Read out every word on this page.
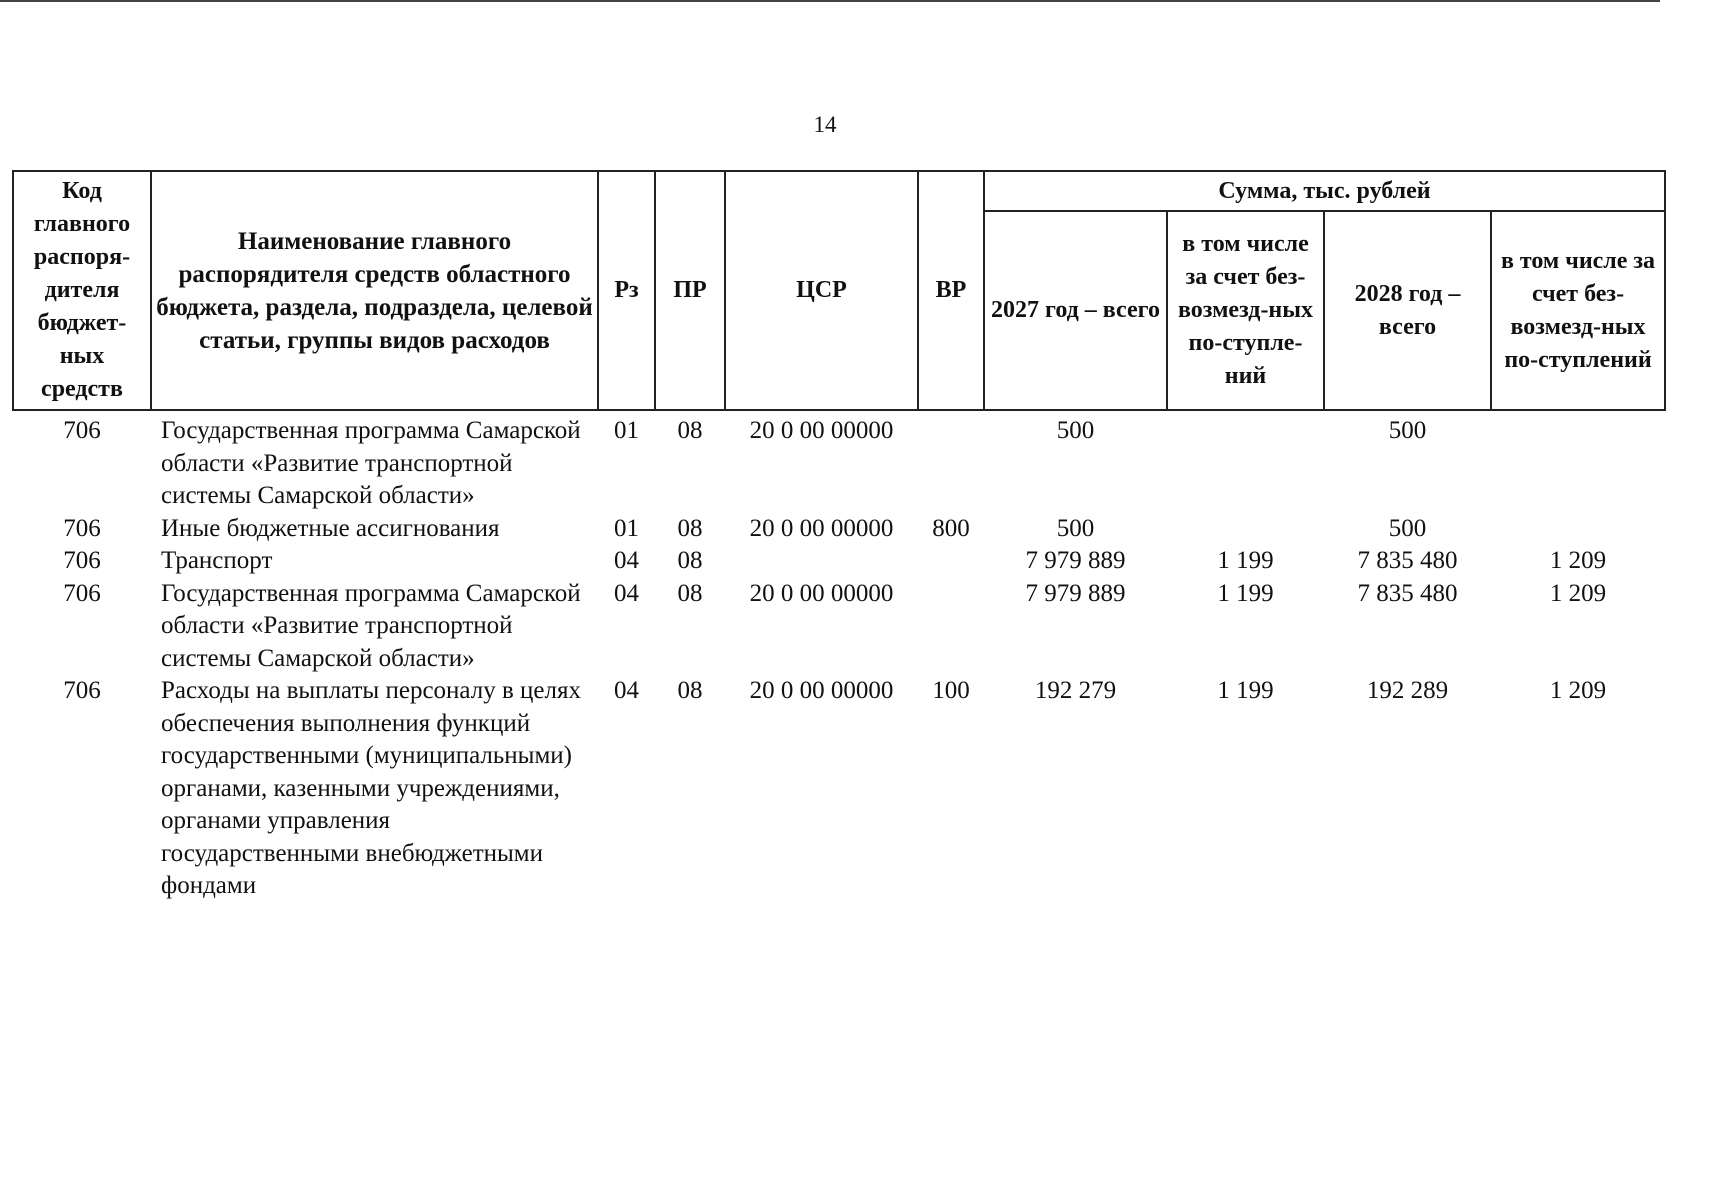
14
Код главного распоря-дителя бюджет-ных средств	Наименование главного распорядителя средств областного бюджета, раздела, подраздела, целевой статьи, группы видов расходов	Рз	ПР	ЦСР	ВР	Сумма, тыс. рублей			
						2027 год – всего	в том числе за счет без-возмезд-ных по-ступле-ний	2028 год – всего	в том числе за счет без-возмезд-ных по-ступлений
706	Государственная программа Самарской области «Развитие транспортной системы Самарской области»	01	08	20 0 00 00000		500		500	
706	Иные бюджетные ассигнования	01	08	20 0 00 00000	800	500		500	
706	Транспорт	04	08			7 979 889	1 199	7 835 480	1 209
706	Государственная программа Самарской области «Развитие транспортной системы Самарской области»	04	08	20 0 00 00000		7 979 889	1 199	7 835 480	1 209
706	Расходы на выплаты персоналу в целях обеспечения выполнения функций государственными (муниципальными) органами, казенными учреждениями, органами управления государственными внебюджетными фондами	04	08	20 0 00 00000	100	192 279	1 199	192 289	1 209
